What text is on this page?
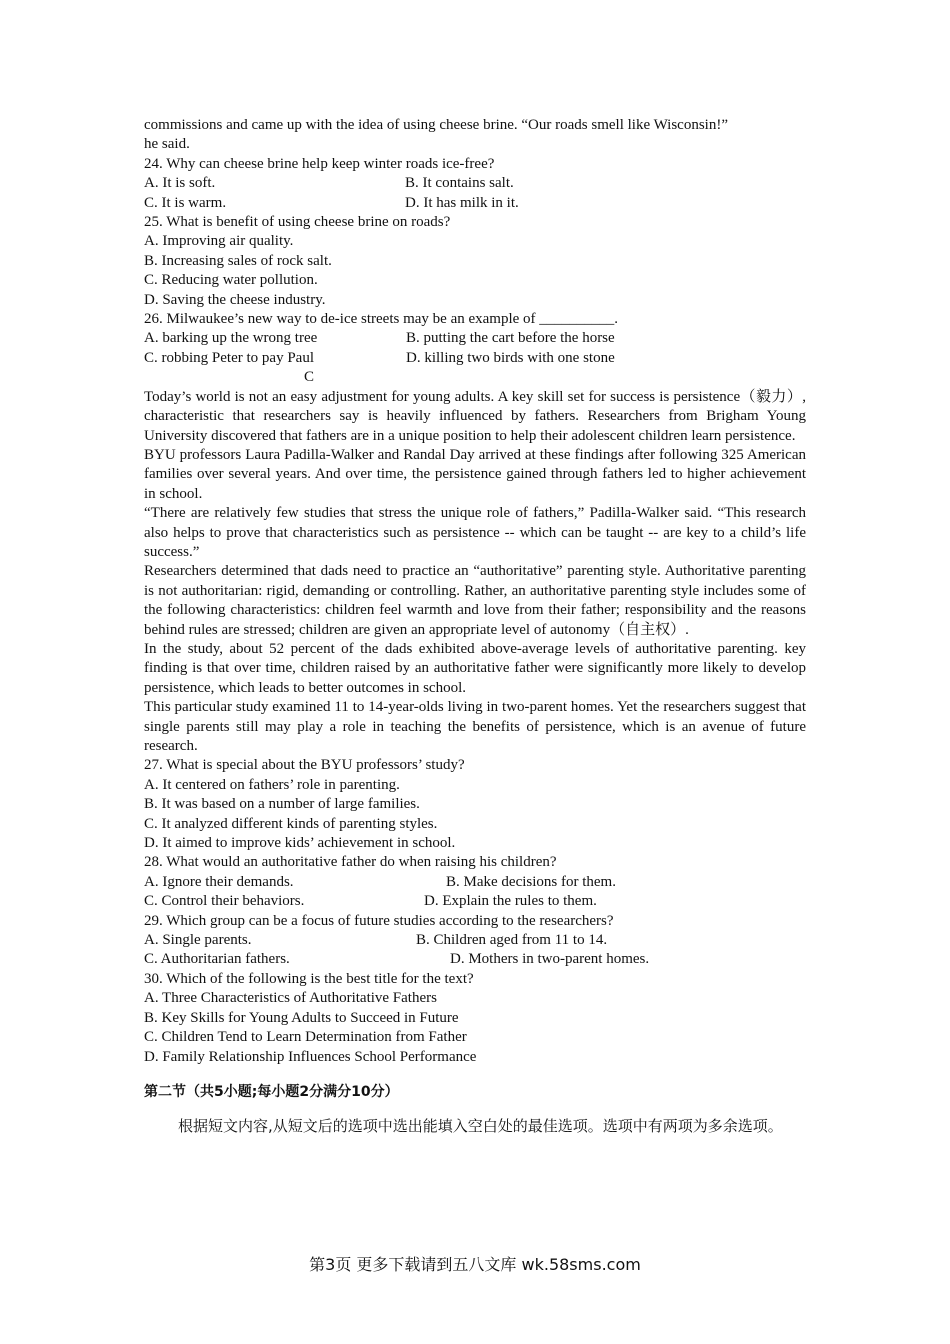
commissions and came up with the idea of using cheese brine. “Our roads smell like Wisconsin!”
he said.
24. Why can cheese brine help keep winter roads ice-free?
A. It is soft.	B. It contains salt.
C. It is warm.	D. It has milk in it.
25. What is benefit of using cheese brine on roads?
A. Improving air quality.
B. Increasing sales of rock salt.
C. Reducing water pollution.
D. Saving the cheese industry.
26. Milwaukee’s new way to de-ice streets may be an example of __________.
A. barking up the wrong tree	B. putting the cart before the horse
C. robbing Peter to pay Paul	D. killing two birds with one stone
C
Today’s world is not an easy adjustment for young adults. A key skill set for success is persistence（毅力）, characteristic that researchers say is heavily influenced by fathers. Researchers from Brigham Young University discovered that fathers are in a unique position to help their adolescent children learn persistence.
BYU professors Laura Padilla-Walker and Randal Day arrived at these findings after following 325 American families over several years. And over time, the persistence gained through fathers led to higher achievement in school.
“There are relatively few studies that stress the unique role of fathers,” Padilla-Walker said. “This research also helps to prove that characteristics such as persistence -- which can be taught -- are key to a child’s life success.”
Researchers determined that dads need to practice an “authoritative” parenting style. Authoritative parenting is not authoritarian: rigid, demanding or controlling. Rather, an authoritative parenting style includes some of the following characteristics: children feel warmth and love from their father; responsibility and the reasons behind rules are stressed; children are given an appropriate level of autonomy（自主权）.
In the study, about 52 percent of the dads exhibited above-average levels of authoritative parenting. key finding is that over time, children raised by an authoritative father were significantly more likely to develop persistence, which leads to better outcomes in school.
This particular study examined 11 to 14-year-olds living in two-parent homes. Yet the researchers suggest that single parents still may play a role in teaching the benefits of persistence, which is an avenue of future research.
27. What is special about the BYU professors’ study?
A. It centered on fathers’ role in parenting.
B. It was based on a number of large families.
C. It analyzed different kinds of parenting styles.
D. It aimed to improve kids’ achievement in school.
28. What would an authoritative father do when raising his children?
A. Ignore their demands.	B. Make decisions for them.
C. Control their behaviors.	D. Explain the rules to them.
29. Which group can be a focus of future studies according to the researchers?
A. Single parents.	B. Children aged from 11 to 14.
C. Authoritarian fathers.	D. Mothers in two-parent homes.
30. Which of the following is the best title for the text?
A. Three Characteristics of Authoritative Fathers
B. Key Skills for Young Adults to Succeed in Future
C. Children Tend to Learn Determination from Father
D. Family Relationship Influences School Performance
第二节（共5小题;每小题2分满分10分）
根据短文内容,从短文后的选项中选出能填入空白处的最佳选项。选项中有两项为多余选项。
第3页 更多下载请到五八文库 wk.58sms.com
